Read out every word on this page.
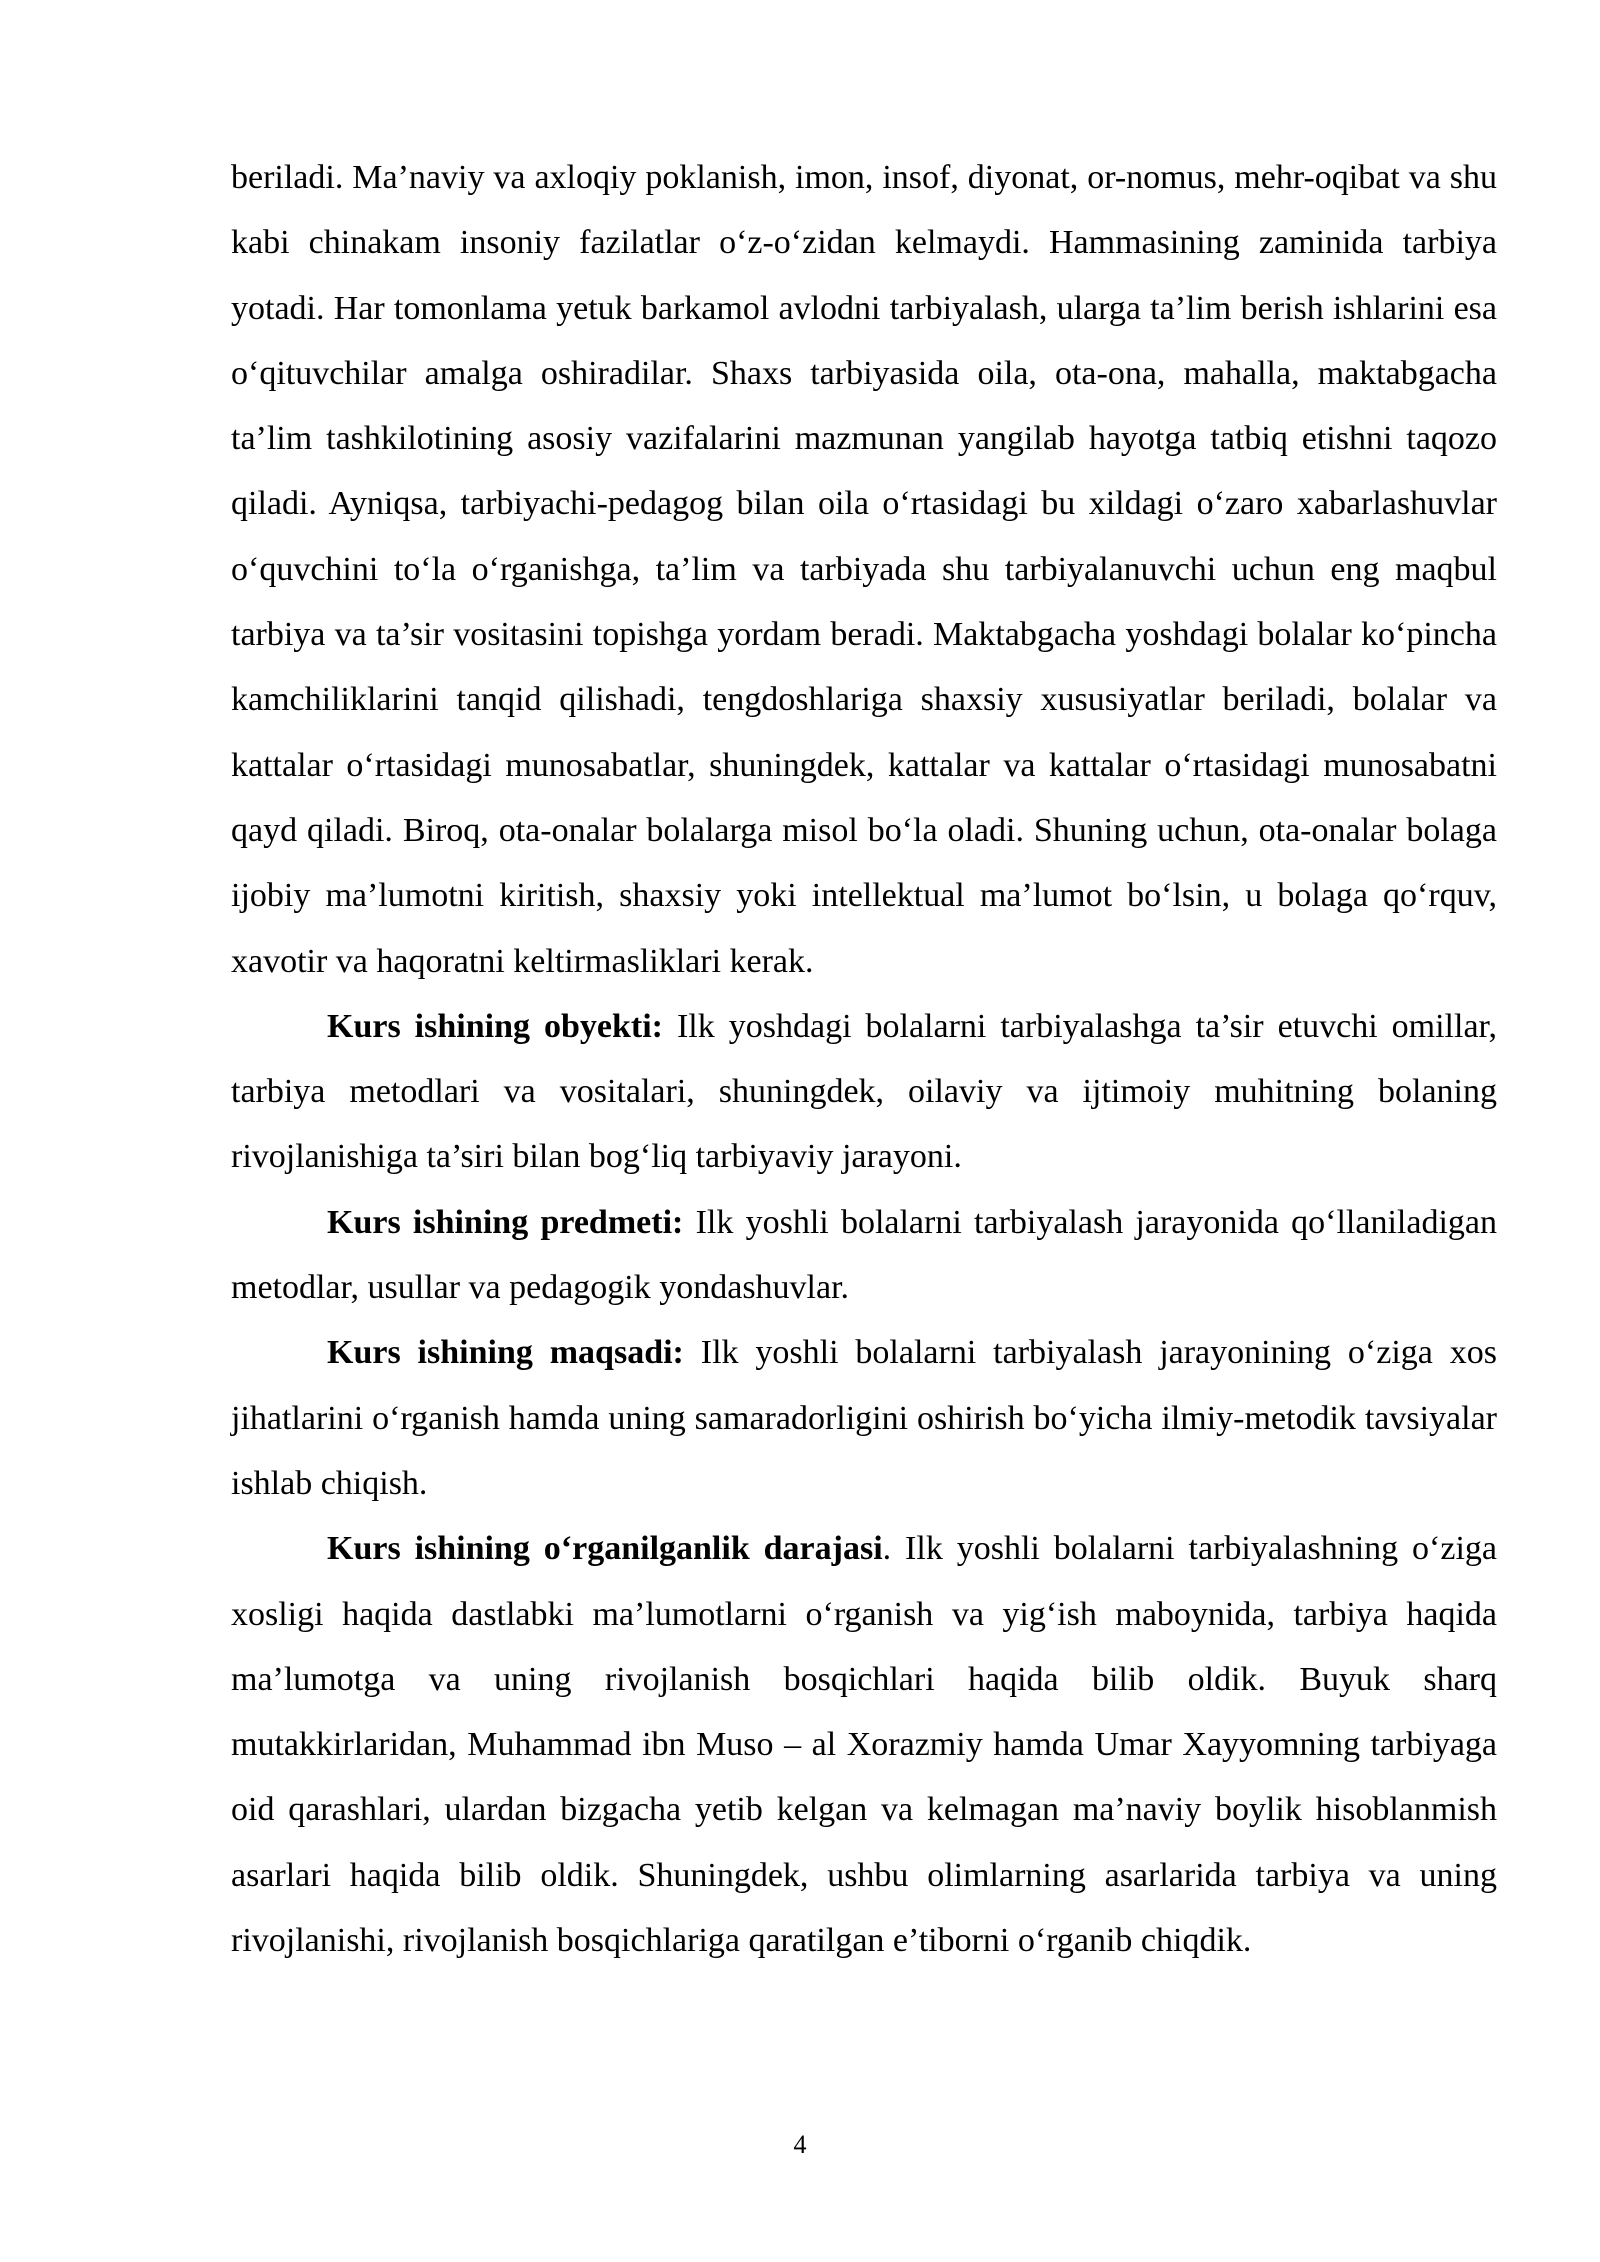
beriladi. Ma’naviy va axloqiy poklanish, imon, insof, diyonat, or-nomus, mehr-oqibat va shu kabi chinakam insoniy fazilatlar o‘z-o‘zidan kelmaydi. Hammasining zaminida tarbiya yotadi. Har tomonlama yetuk barkamol avlodni tarbiyalash, ularga ta’lim berish ishlarini esa o‘qituvchilar amalga oshiradilar. Shaxs tarbiyasida oila, ota-ona, mahalla, maktabgacha ta’lim tashkilotining asosiy vazifalarini mazmunan yangilab hayotga tatbiq etishni taqozo qiladi. Ayniqsa, tarbiyachi-pedagog bilan oila o‘rtasidagi bu xildagi o‘zaro xabarlashuvlar o‘quvchini to‘la o‘rganishga, ta’lim va tarbiyada shu tarbiyalanuvchi uchun eng maqbul tarbiya va ta’sir vositasini topishga yordam beradi. Maktabgacha yoshdagi bolalar ko‘pincha kamchiliklarini tanqid qilishadi, tengdoshlariga shaxsiy xususiyatlar beriladi, bolalar va kattalar o‘rtasidagi munosabatlar, shuningdek, kattalar va kattalar o‘rtasidagi munosabatni qayd qiladi. Biroq, ota-onalar bolalarga misol bo‘la oladi. Shuning uchun, ota-onalar bolaga ijobiy ma’lumotni kiritish, shaxsiy yoki intellektual ma’lumot bo‘lsin, u bolaga qo‘rquv, xavotir va haqoratni keltirmasliklari kerak.

Kurs ishining obyekti: Ilk yoshdagi bolalarni tarbiyalashga ta’sir etuvchi omillar, tarbiya metodlari va vositalari, shuningdek, oilaviy va ijtimoiy muhitning bolaning rivojlanishiga ta’siri bilan bog‘liq tarbiyaviy jarayoni.

Kurs ishining predmeti: Ilk yoshli bolalarni tarbiyalash jarayonida qo‘llaniladigan metodlar, usullar va pedagogik yondashuvlar.

Kurs ishining maqsadi: Ilk yoshli bolalarni tarbiyalash jarayonining o‘ziga xos jihatlarini o‘rganish hamda uning samaradorligini oshirish bo‘yicha ilmiy-metodik tavsiyalar ishlab chiqish.

Kurs ishining o‘rganilganlik darajasi. Ilk yoshli bolalarni tarbiyalashning o‘ziga xosligi haqida dastlabki ma’lumotlarni o‘rganish va yig‘ish maboynida, tarbiya haqida ma’lumotga va uning rivojlanish bosqichlari haqida bilib oldik. Buyuk sharq mutakkirlaridan, Muhammad ibn Muso – al Xorazmiy hamda Umar Xayyomning tarbiyaga oid qarashlari, ulardan bizgacha yetib kelgan va kelmagan ma’naviy boylik hisoblanmish asarlari haqida bilib oldik. Shuningdek, ushbu olimlarning asarlarida tarbiya va uning rivojlanishi, rivojlanish bosqichlariga qaratilgan e’tiborni o‘rganib chiqdik.

4
